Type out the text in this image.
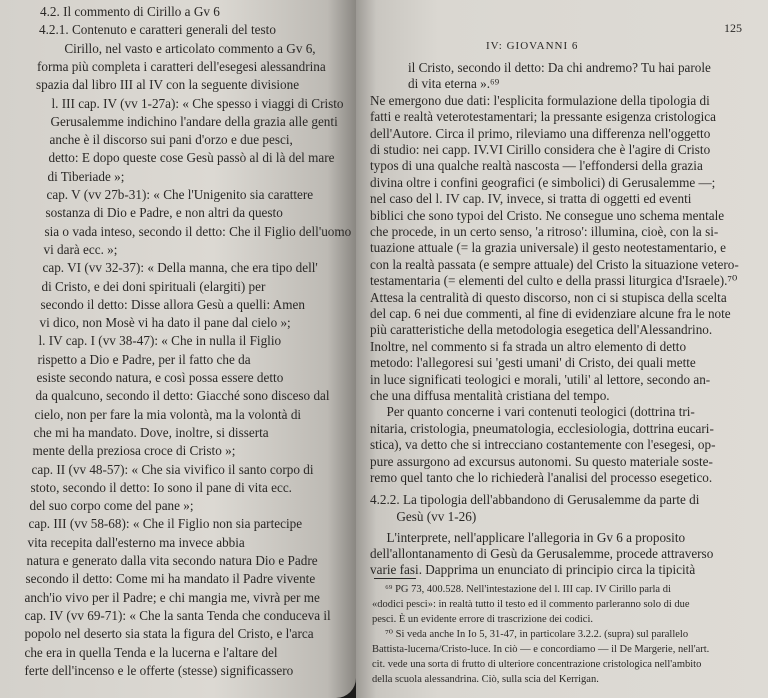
4.2. Il commento di Cirillo a Gv 6
4.2.1. Contenuto e caratteri generali del testo
Cirillo, nel vasto e articolato commento a Gv 6,
forma più completa i caratteri dell'esegesi alessandrina
spazia dal libro III al IV con la seguente divisione
l. III cap. IV (vv 1-27a): « Che spesso i viaggi di Cristo
Gerusalemme indichino l'andare della grazia alle genti
anche è il discorso sui pani d'orzo e due pesci,
detto: E dopo queste cose Gesù passò al di là del mare
di Tiberiade »;
cap. V (vv 27b-31): « Che l'Unigenito sia carattere
sostanza di Dio e Padre, e non altri da questo
sia o vada inteso, secondo il detto: Che il Figlio dell'uomo
vi darà ecc. »;
cap. VI (vv 32-37): « Della manna, che era tipo dell'
di Cristo, e dei doni spirituali (elargiti) per
secondo il detto: Disse allora Gesù a quelli: Amen
vi dico, non Mosè vi ha dato il pane dal cielo »;
l. IV cap. I (vv 38-47): « Che in nulla il Figlio
rispetto a Dio e Padre, per il fatto che da
esiste secondo natura, e così possa essere detto
da qualcuno, secondo il detto: Giacché sono disceso dal
cielo, non per fare la mia volontà, ma la volontà di
che mi ha mandato. Dove, inoltre, si disserta
mente della preziosa croce di Cristo »;
cap. II (vv 48-57): « Che sia vivifico il santo corpo di
stoto, secondo il detto: Io sono il pane di vita ecc.
del suo corpo come del pane »;
cap. III (vv 58-68): « Che il Figlio non sia partecipe
vita recepita dall'esterno ma invece abbia
natura e generato dalla vita secondo natura Dio e Padre
secondo il detto: Come mi ha mandato il Padre vivente
anch'io vivo per il Padre; e chi mangia me, vivrà per me
cap. IV (vv 69-71): « Che la santa Tenda che conduceva il
popolo nel deserto sia stata la figura del Cristo, e l'arca
che era in quella Tenda e la lucerna e l'altare del
ferte dell'incenso e le offerte (stesse) significassero
IV: GIOVANNI 6
125
il Cristo, secondo il detto: Da chi andremo? Tu hai parole
di vita eterna ».⁶⁹
Ne emergono due dati: l'esplicita formulazione della tipologia di
fatti e realtà veterotestamentari; la pressante esigenza cristologica
dell'Autore. Circa il primo, rileviamo una differenza nell'oggetto
di studio: nei capp. IV.VI Cirillo considera che è l'agire di Cristo
typos di una qualche realtà nascosta — l'effondersi della grazia
divina oltre i confini geografici (e simbolici) di Gerusalemme —;
nel caso del l. IV cap. IV, invece, si tratta di oggetti ed eventi
biblici che sono typoi del Cristo. Ne consegue uno schema mentale
che procede, in un certo senso, 'a ritroso': illumina, cioè, con la si-
tuazione attuale (= la grazia universale) il gesto neotestamentario, e
con la realtà passata (e sempre attuale) del Cristo la situazione vetero-
testamentaria (= elementi del culto e della prassi liturgica d'Israele).⁷⁰
Attesa la centralità di questo discorso, non ci si stupisca della scelta
del cap. 6 nei due commenti, al fine di evidenziare alcune fra le note
più caratteristiche della metodologia esegetica dell'Alessandrino.
Inoltre, nel commento si fa strada un altro elemento di detto
metodo: l'allegoresi sui 'gesti umani' di Cristo, dei quali mette
in luce significati teologici e morali, 'utili' al lettore, secondo an-
che una diffusa mentalità cristiana del tempo.
Per quanto concerne i vari contenuti teologici (dottrina tri-
nitaria, cristologia, pneumatologia, ecclesiologia, dottrina eucari-
stica), va detto che si intrecciano costantemente con l'esegesi, op-
pure assurgono ad excursus autonomi. Su questo materiale soste-
remo quel tanto che lo richiederà l'analisi del processo esegetico.
4.2.2. La tipologia dell'abbandono di Gerusalemme da parte di
Gesù (vv 1-26)
L'interprete, nell'applicare l'allegoria in Gv 6 a proposito
dell'allontanamento di Gesù da Gerusalemme, procede attraverso
varie fasi. Dapprima un enunciato di principio circa la tipicità
⁶⁹ PG 73, 400.528. Nell'intestazione del l. III cap. IV Cirillo parla di
«dodici pesci»: in realtà tutto il testo ed il commento parleranno solo di due
pesci. È un evidente errore di trascrizione dei codici.
⁷⁰ Si veda anche In Io 5, 31-47, in particolare 3.2.2. (supra) sul parallelo
Battista-lucerna/Cristo-luce. In ciò — e concordiamo — il De Margerie, nell'art.
cit. vede una sorta di frutto di ulteriore concentrazione cristologica nell'ambito
della scuola alessandrina. Ciò, sulla scia del Kerrigan.
